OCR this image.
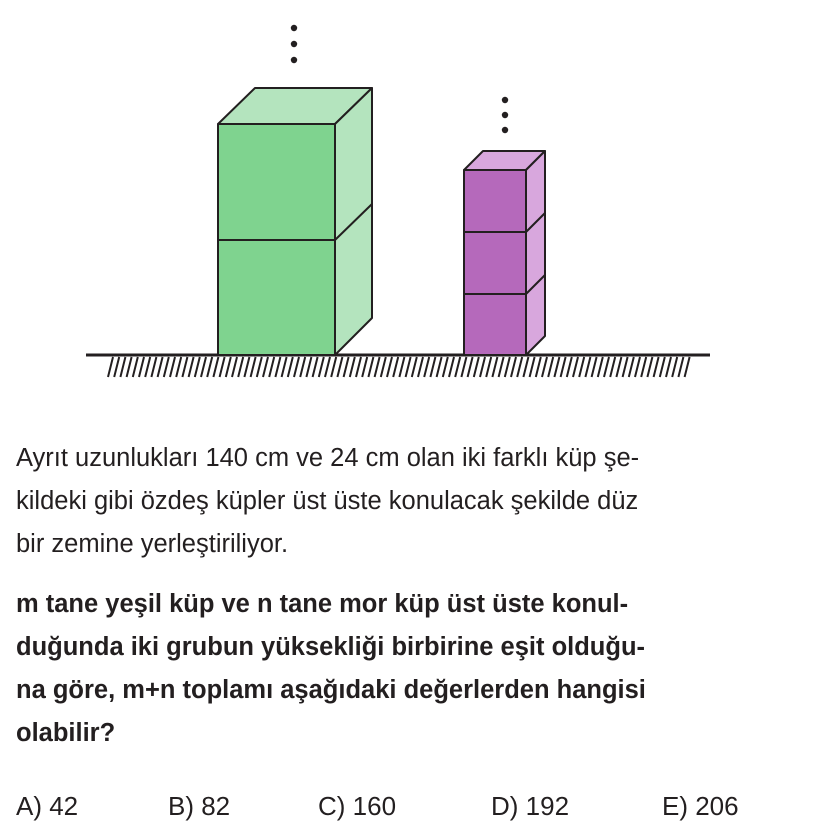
Ayrıt uzunlukları 140 cm ve 24 cm olan iki farklı küp şe-
kildeki gibi özdeş küpler üst üste konulacak şekilde düz
bir zemine yerleştiriliyor.

m tane yeşil küp ve n tane mor küp üst üste konul-
duğunda iki grubun yüksekliği birbirine eşit olduğu-
na göre, m+n toplamı aşağıdaki değerlerden hangisi
olabilir?

A) 42	B) 82	C) 160	D) 192	E) 206
